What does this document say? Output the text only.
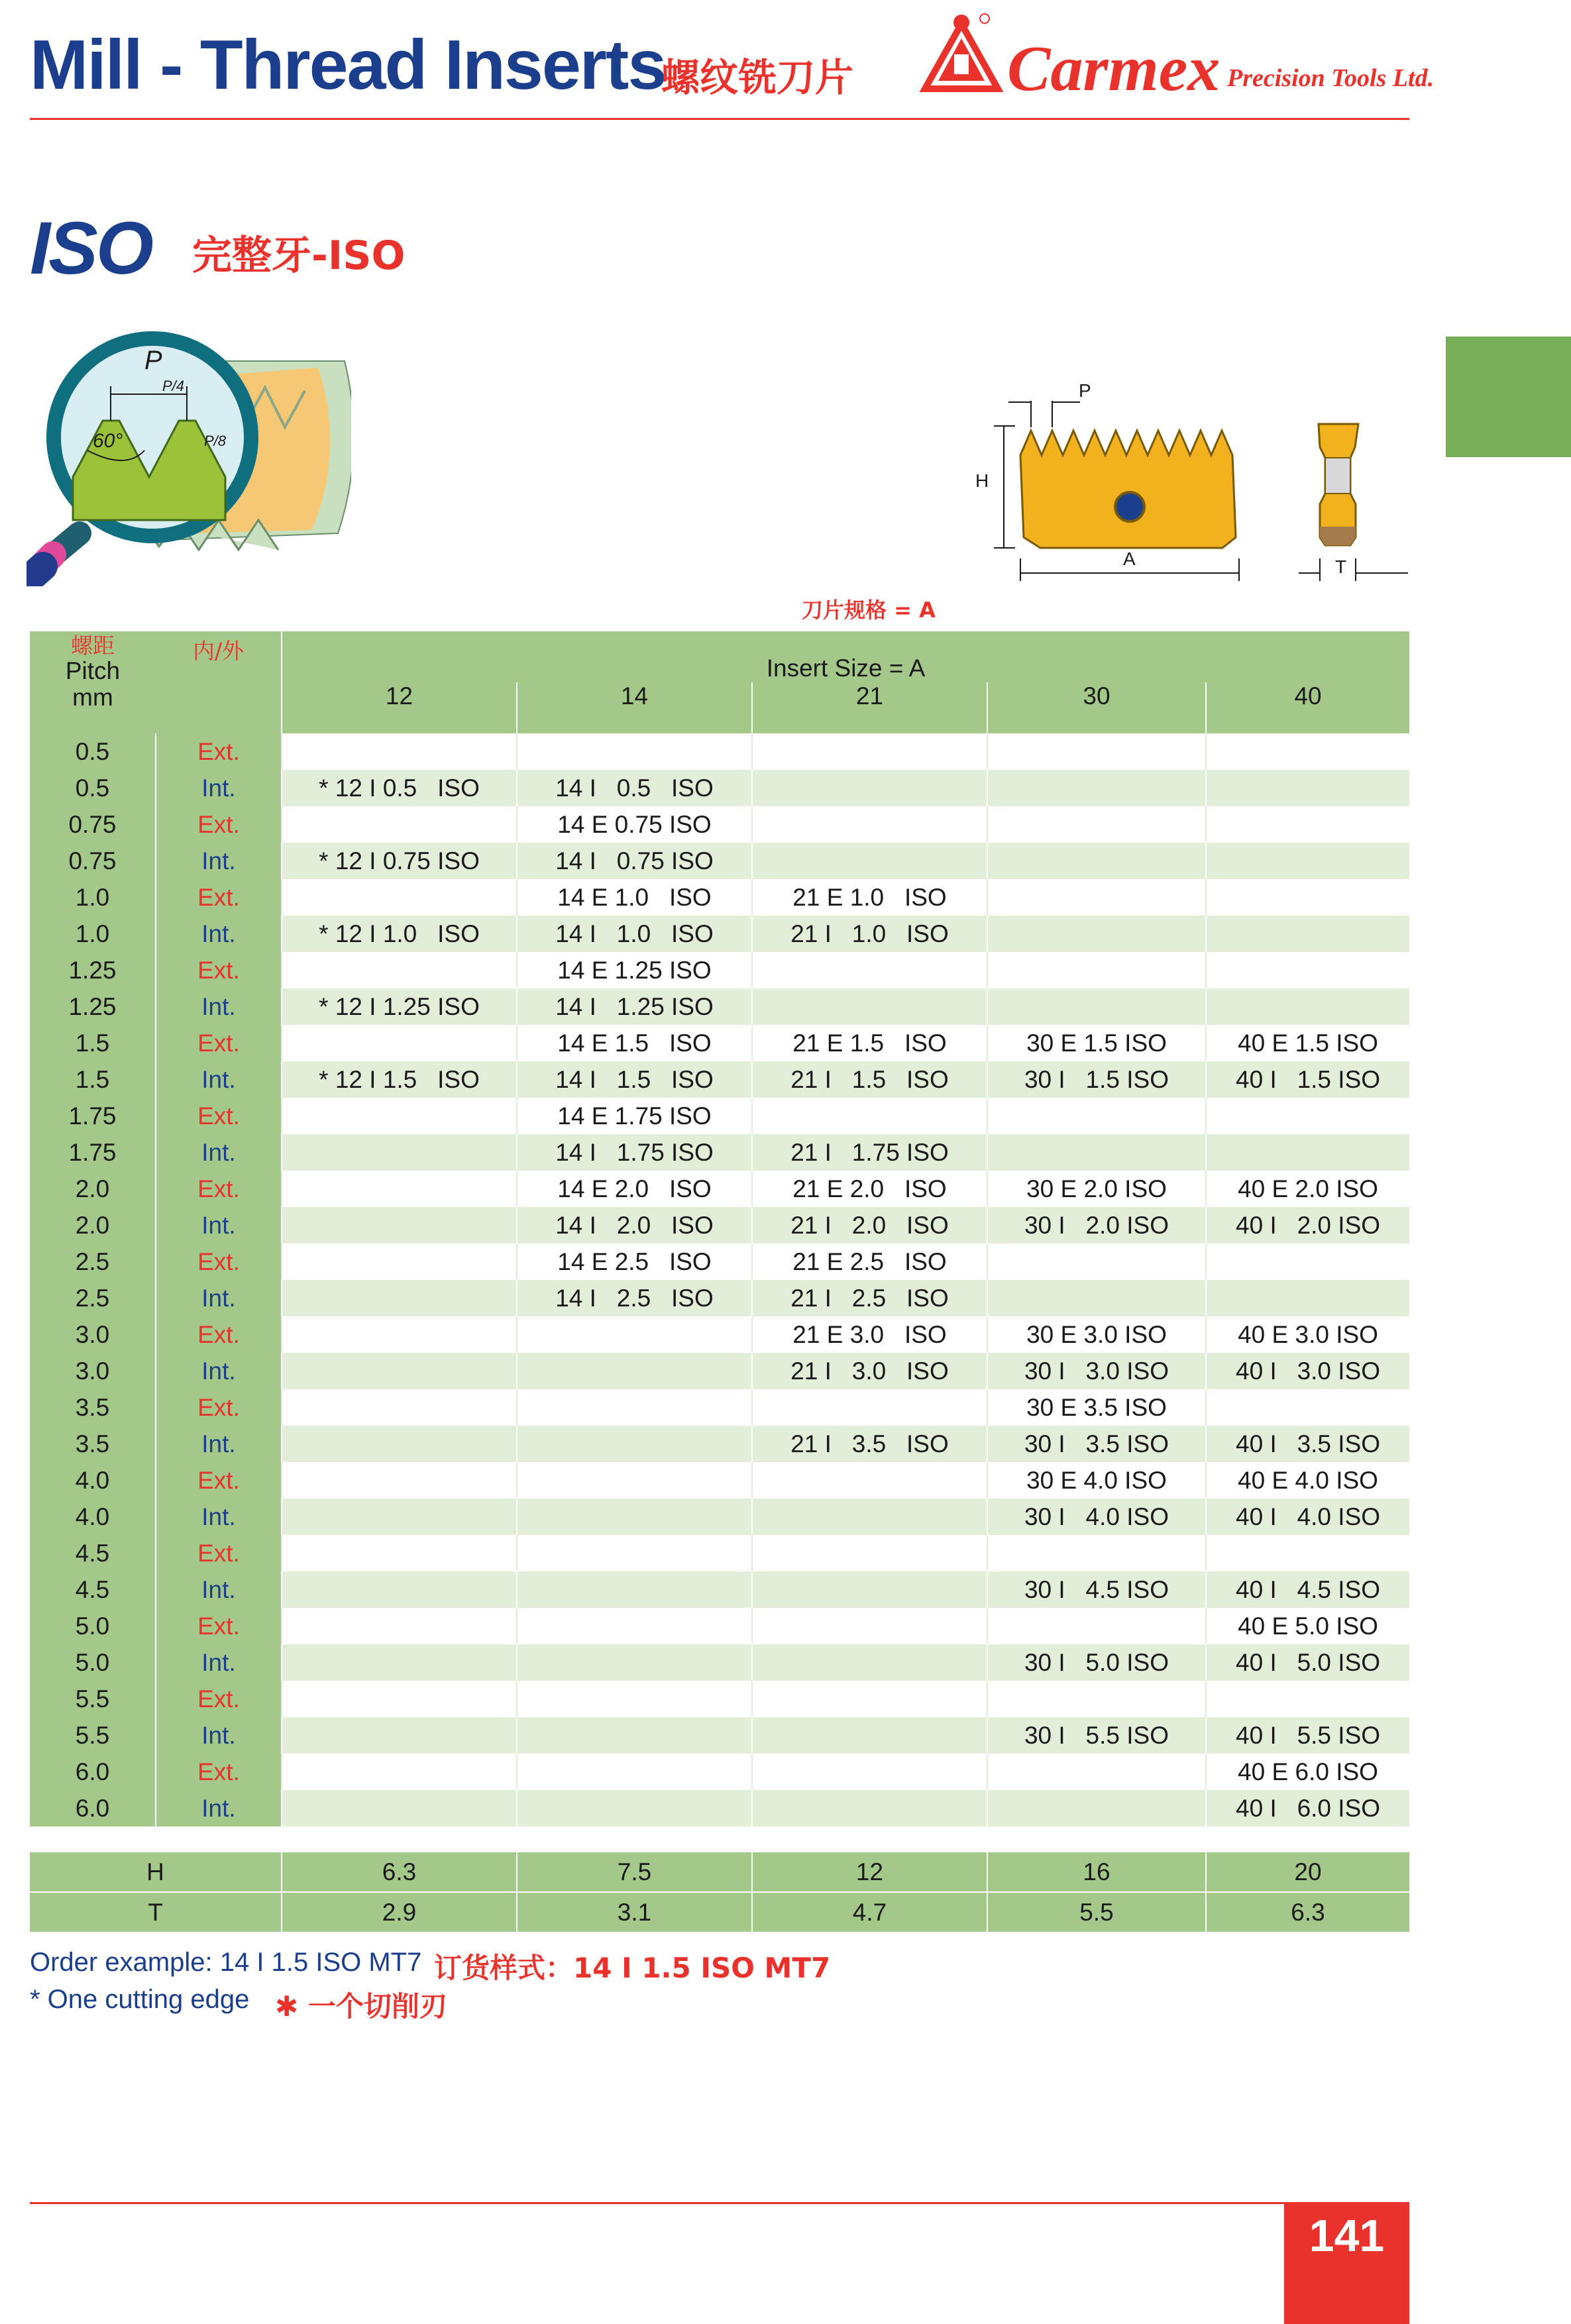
Mill - Thread Inserts
螺纹铣刀片 Carmex Precision Tools Ltd.
ISO 完整牙-ISO
P
P/4
P/8
60°
H
A
P
T
刀片规格 = A
螺距
Pitch
mm	内/外	Insert Size = A				
		12	14	21	30	40
0.5	Ext.					
0.5	Int.	* 12 I 0.5   ISO	14 I   0.5   ISO			
0.75	Ext.		14 E 0.75 ISO			
0.75	Int.	* 12 I 0.75 ISO	14 I   0.75 ISO			
1.0	Ext.		14 E 1.0   ISO	21 E 1.0   ISO		
1.0	Int.	* 12 I 1.0   ISO	14 I   1.0   ISO	21 I   1.0   ISO		
1.25	Ext.		14 E 1.25 ISO			
1.25	Int.	* 12 I 1.25 ISO	14 I   1.25 ISO			
1.5	Ext.		14 E 1.5   ISO	21 E 1.5   ISO	30 E 1.5 ISO	40 E 1.5 ISO
1.5	Int.	* 12 I 1.5   ISO	14 I   1.5   ISO	21 I   1.5   ISO	30 I   1.5 ISO	40 I   1.5 ISO
1.75	Ext.		14 E 1.75 ISO			
1.75	Int.		14 I   1.75 ISO	21 I   1.75 ISO		
2.0	Ext.		14 E 2.0   ISO	21 E 2.0   ISO	30 E 2.0 ISO	40 E 2.0 ISO
2.0	Int.		14 I   2.0   ISO	21 I   2.0   ISO	30 I   2.0 ISO	40 I   2.0 ISO
2.5	Ext.		14 E 2.5   ISO	21 E 2.5   ISO		
2.5	Int.		14 I   2.5   ISO	21 I   2.5   ISO		
3.0	Ext.			21 E 3.0   ISO	30 E 3.0 ISO	40 E 3.0 ISO
3.0	Int.			21 I   3.0   ISO	30 I   3.0 ISO	40 I   3.0 ISO
3.5	Ext.				30 E 3.5 ISO	
3.5	Int.			21 I   3.5   ISO	30 I   3.5 ISO	40 I   3.5 ISO
4.0	Ext.				30 E 4.0 ISO	40 E 4.0 ISO
4.0	Int.				30 I   4.0 ISO	40 I   4.0 ISO
4.5	Ext.					
4.5	Int.				30 I   4.5 ISO	40 I   4.5 ISO
5.0	Ext.					40 E 5.0 ISO
5.0	Int.				30 I   5.0 ISO	40 I   5.0 ISO
5.5	Ext.					
5.5	Int.				30 I   5.5 ISO	40 I   5.5 ISO
6.0	Ext.					40 E 6.0 ISO
6.0	Int.					40 I   6.0 ISO
H	6.3	7.5	12	16	20
T	2.9	3.1	4.7	5.5	6.3
Order example: 14 I 1.5 ISO MT7 订货样式：14 I 1.5 ISO MT7
* One cutting edge ✱ 一个切削刃
141
